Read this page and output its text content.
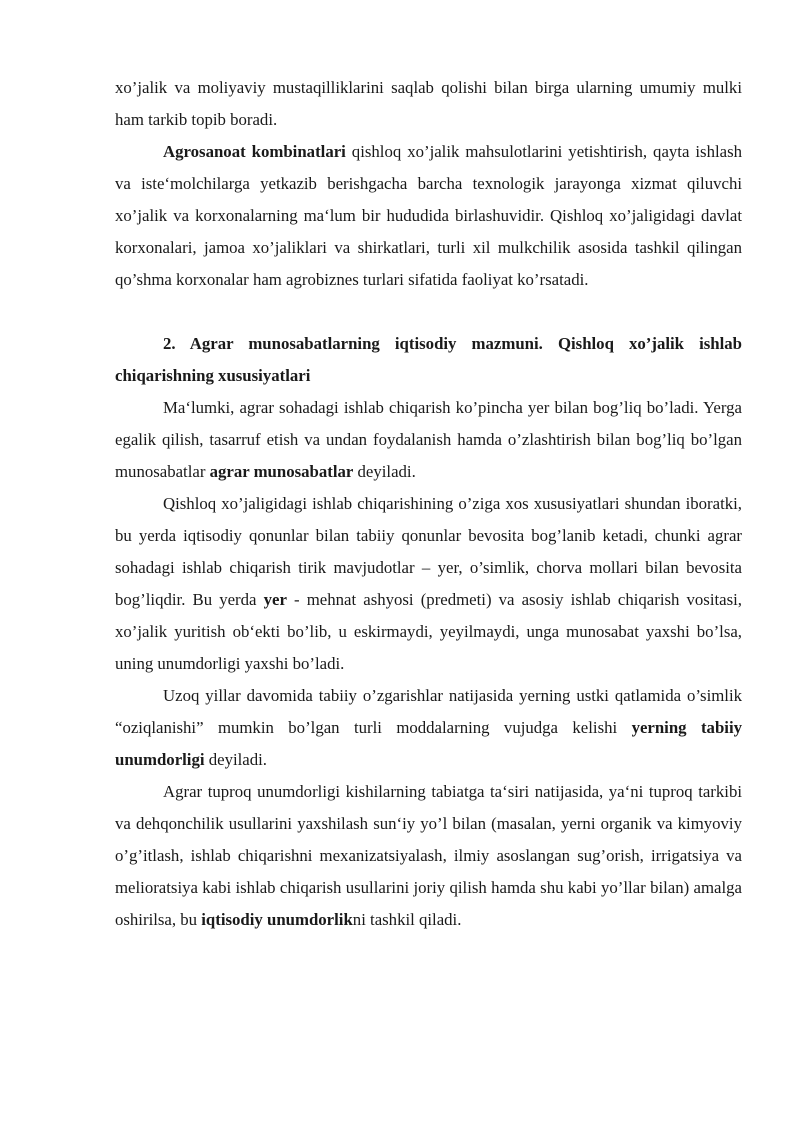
xo’jalik va moliyaviy mustaqilliklarini saqlab qolishi bilan birga ularning umumiy mulki ham tarkib topib boradi.

Agrosanoat kombinatlari qishloq xo’jalik mahsulotlarini yetishtirish, qayta ishlash va iste‘molchilarga yetkazib berishgacha barcha texnologik jarayonga xizmat qiluvchi xo’jalik va korxonalarning ma‘lum bir hududida birlashuvidir. Qishloq xo’jaligidagi davlat korxonalari, jamoa xo’jaliklari va shirkatlari, turli xil mulkchilik asosida tashkil qilingan qo’shma korxonalar ham agrobiznes turlari sifatida faoliyat ko’rsatadi.

2. Agrar munosabatlarning iqtisodiy mazmuni. Qishloq xo’jalik ishlab chiqarishning xususiyatlari

Ma‘lumki, agrar sohadagi ishlab chiqarish ko’pincha yer bilan bog’liq bo’ladi. Yerga egalik qilish, tasarruf etish va undan foydalanish hamda o’zlashtirish bilan bog’liq bo’lgan munosabatlar agrar munosabatlar deyiladi.

Qishloq xo’jaligidagi ishlab chiqarishining o’ziga xos xususiyatlari shundan iboratki, bu yerda iqtisodiy qonunlar bilan tabiiy qonunlar bevosita bog’lanib ketadi, chunki agrar sohadagi ishlab chiqarish tirik mavjudotlar – yer, o’simlik, chorva mollari bilan bevosita bog’liqdir. Bu yerda yer - mehnat ashyosi (predmeti) va asosiy ishlab chiqarish vositasi, xo’jalik yuritish ob‘ekti bo’lib, u eskirmaydi, yeyilmaydi, unga munosabat yaxshi bo’lsa, uning unumdorligi yaxshi bo’ladi.

Uzoq yillar davomida tabiiy o’zgarishlar natijasida yerning ustki qatlamida o’simlik “oziqlanishi” mumkin bo’lgan turli moddalarning vujudga kelishi yerning tabiiy unumdorligi deyiladi.

Agrar tuproq unumdorligi kishilarning tabiatga ta‘siri natijasida, ya‘ni tuproq tarkibi va dehqonchilik usullarini yaxshilash sun‘iy yo’l bilan (masalan, yerni organik va kimyoviy o’g’itlash, ishlab chiqarishni mexanizatsiyalash, ilmiy asoslangan sug’orish, irrigatsiya va melioratsiya kabi ishlab chiqarish usullarini joriy qilish hamda shu kabi yo’llar bilan) amalga oshirilsa, bu iqtisodiy unumdorlikni tashkil qiladi.
